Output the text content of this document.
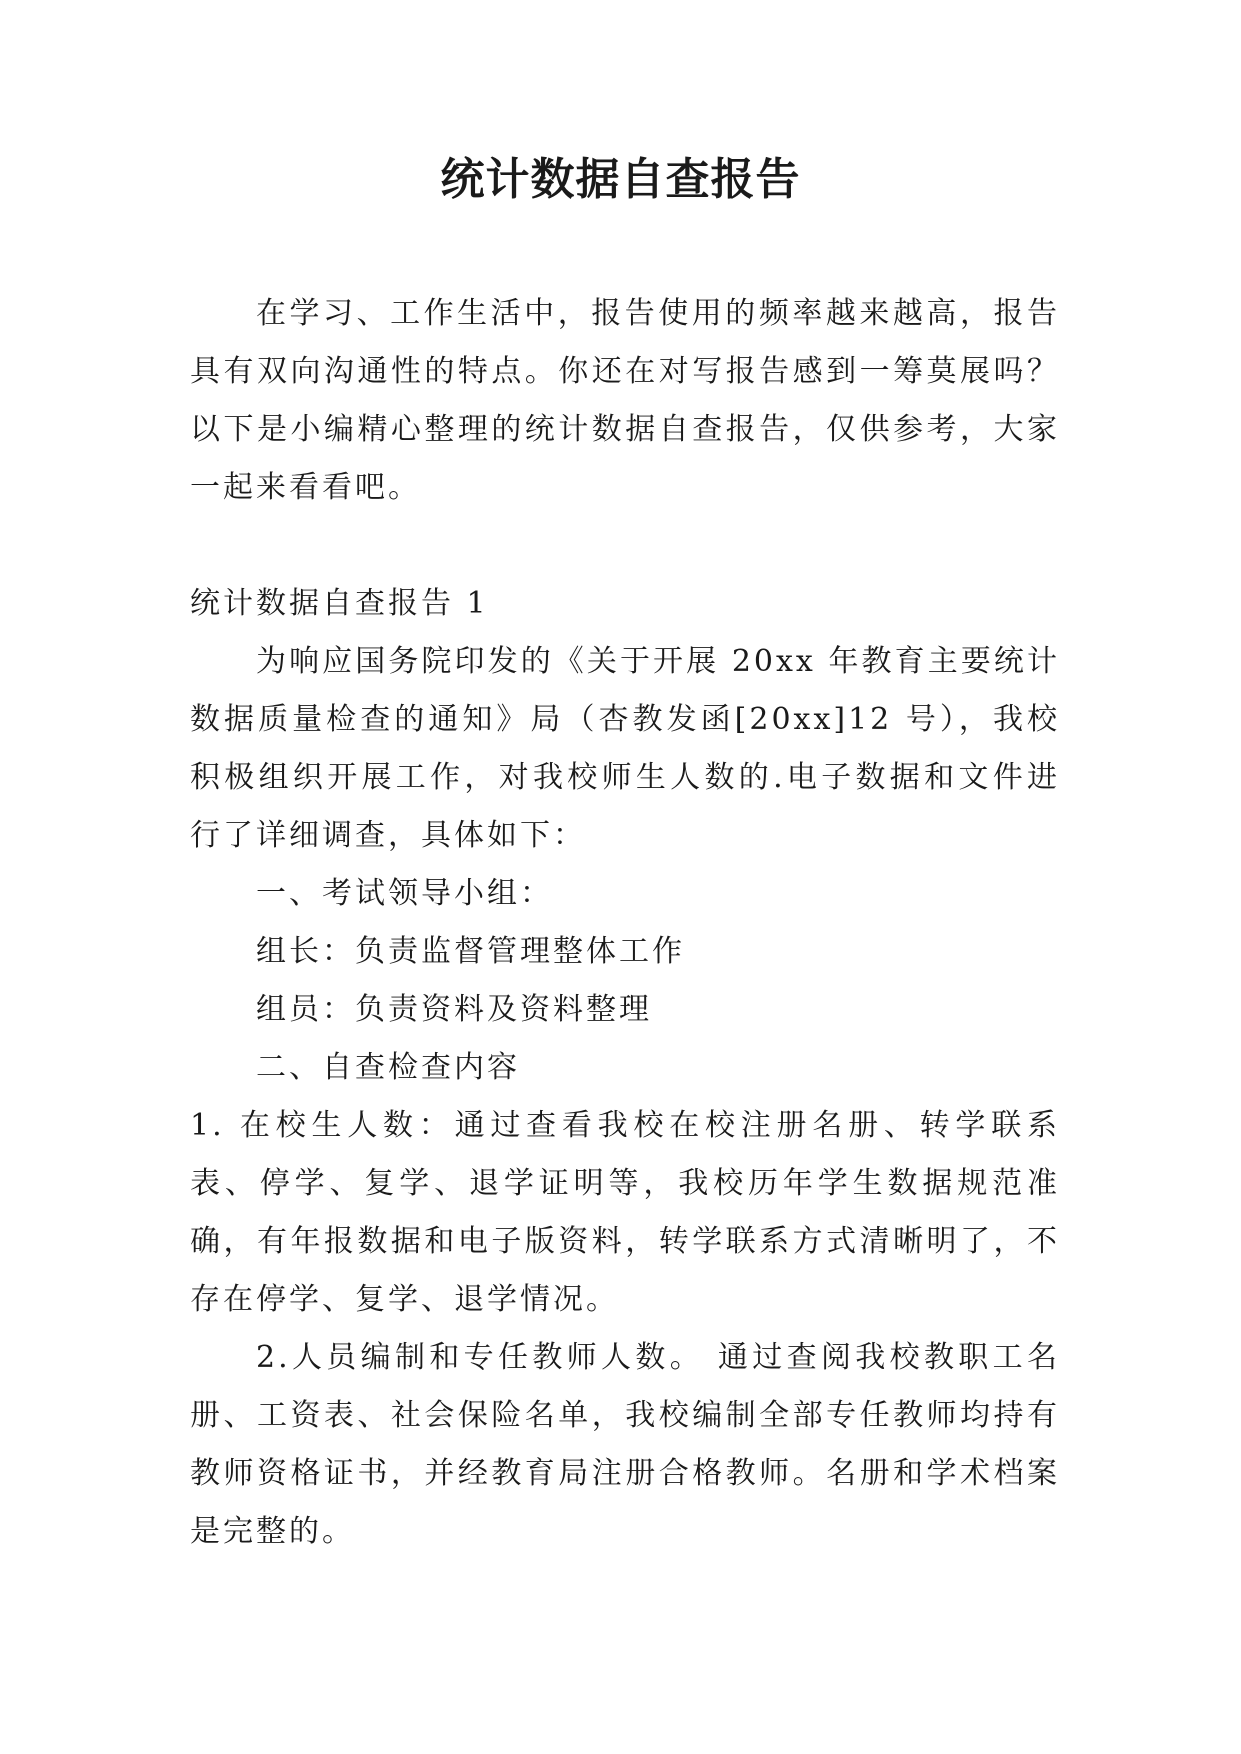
统计数据自查报告

在学习、工作生活中，报告使用的频率越来越高，报告具有双向沟通性的特点。你还在对写报告感到一筹莫展吗？以下是小编精心整理的统计数据自查报告，仅供参考，大家一起来看看吧。

统计数据自查报告 1

为响应国务院印发的《关于开展 20xx 年教育主要统计数据质量检查的通知》局（杏教发函[20xx]12 号），我校积极组织开展工作，对我校师生人数的.电子数据和文件进行了详细调查，具体如下：

一、考试领导小组：

组长：负责监督管理整体工作

组员：负责资料及资料整理

二、自查检查内容

1. 在校生人数：通过查看我校在校注册名册、转学联系表、停学、复学、退学证明等，我校历年学生数据规范准确，有年报数据和电子版资料，转学联系方式清晰明了，不存在停学、复学、退学情况。

2.人员编制和专任教师人数。 通过查阅我校教职工名册、工资表、社会保险名单，我校编制全部专任教师均持有教师资格证书，并经教育局注册合格教师。名册和学术档案是完整的。
